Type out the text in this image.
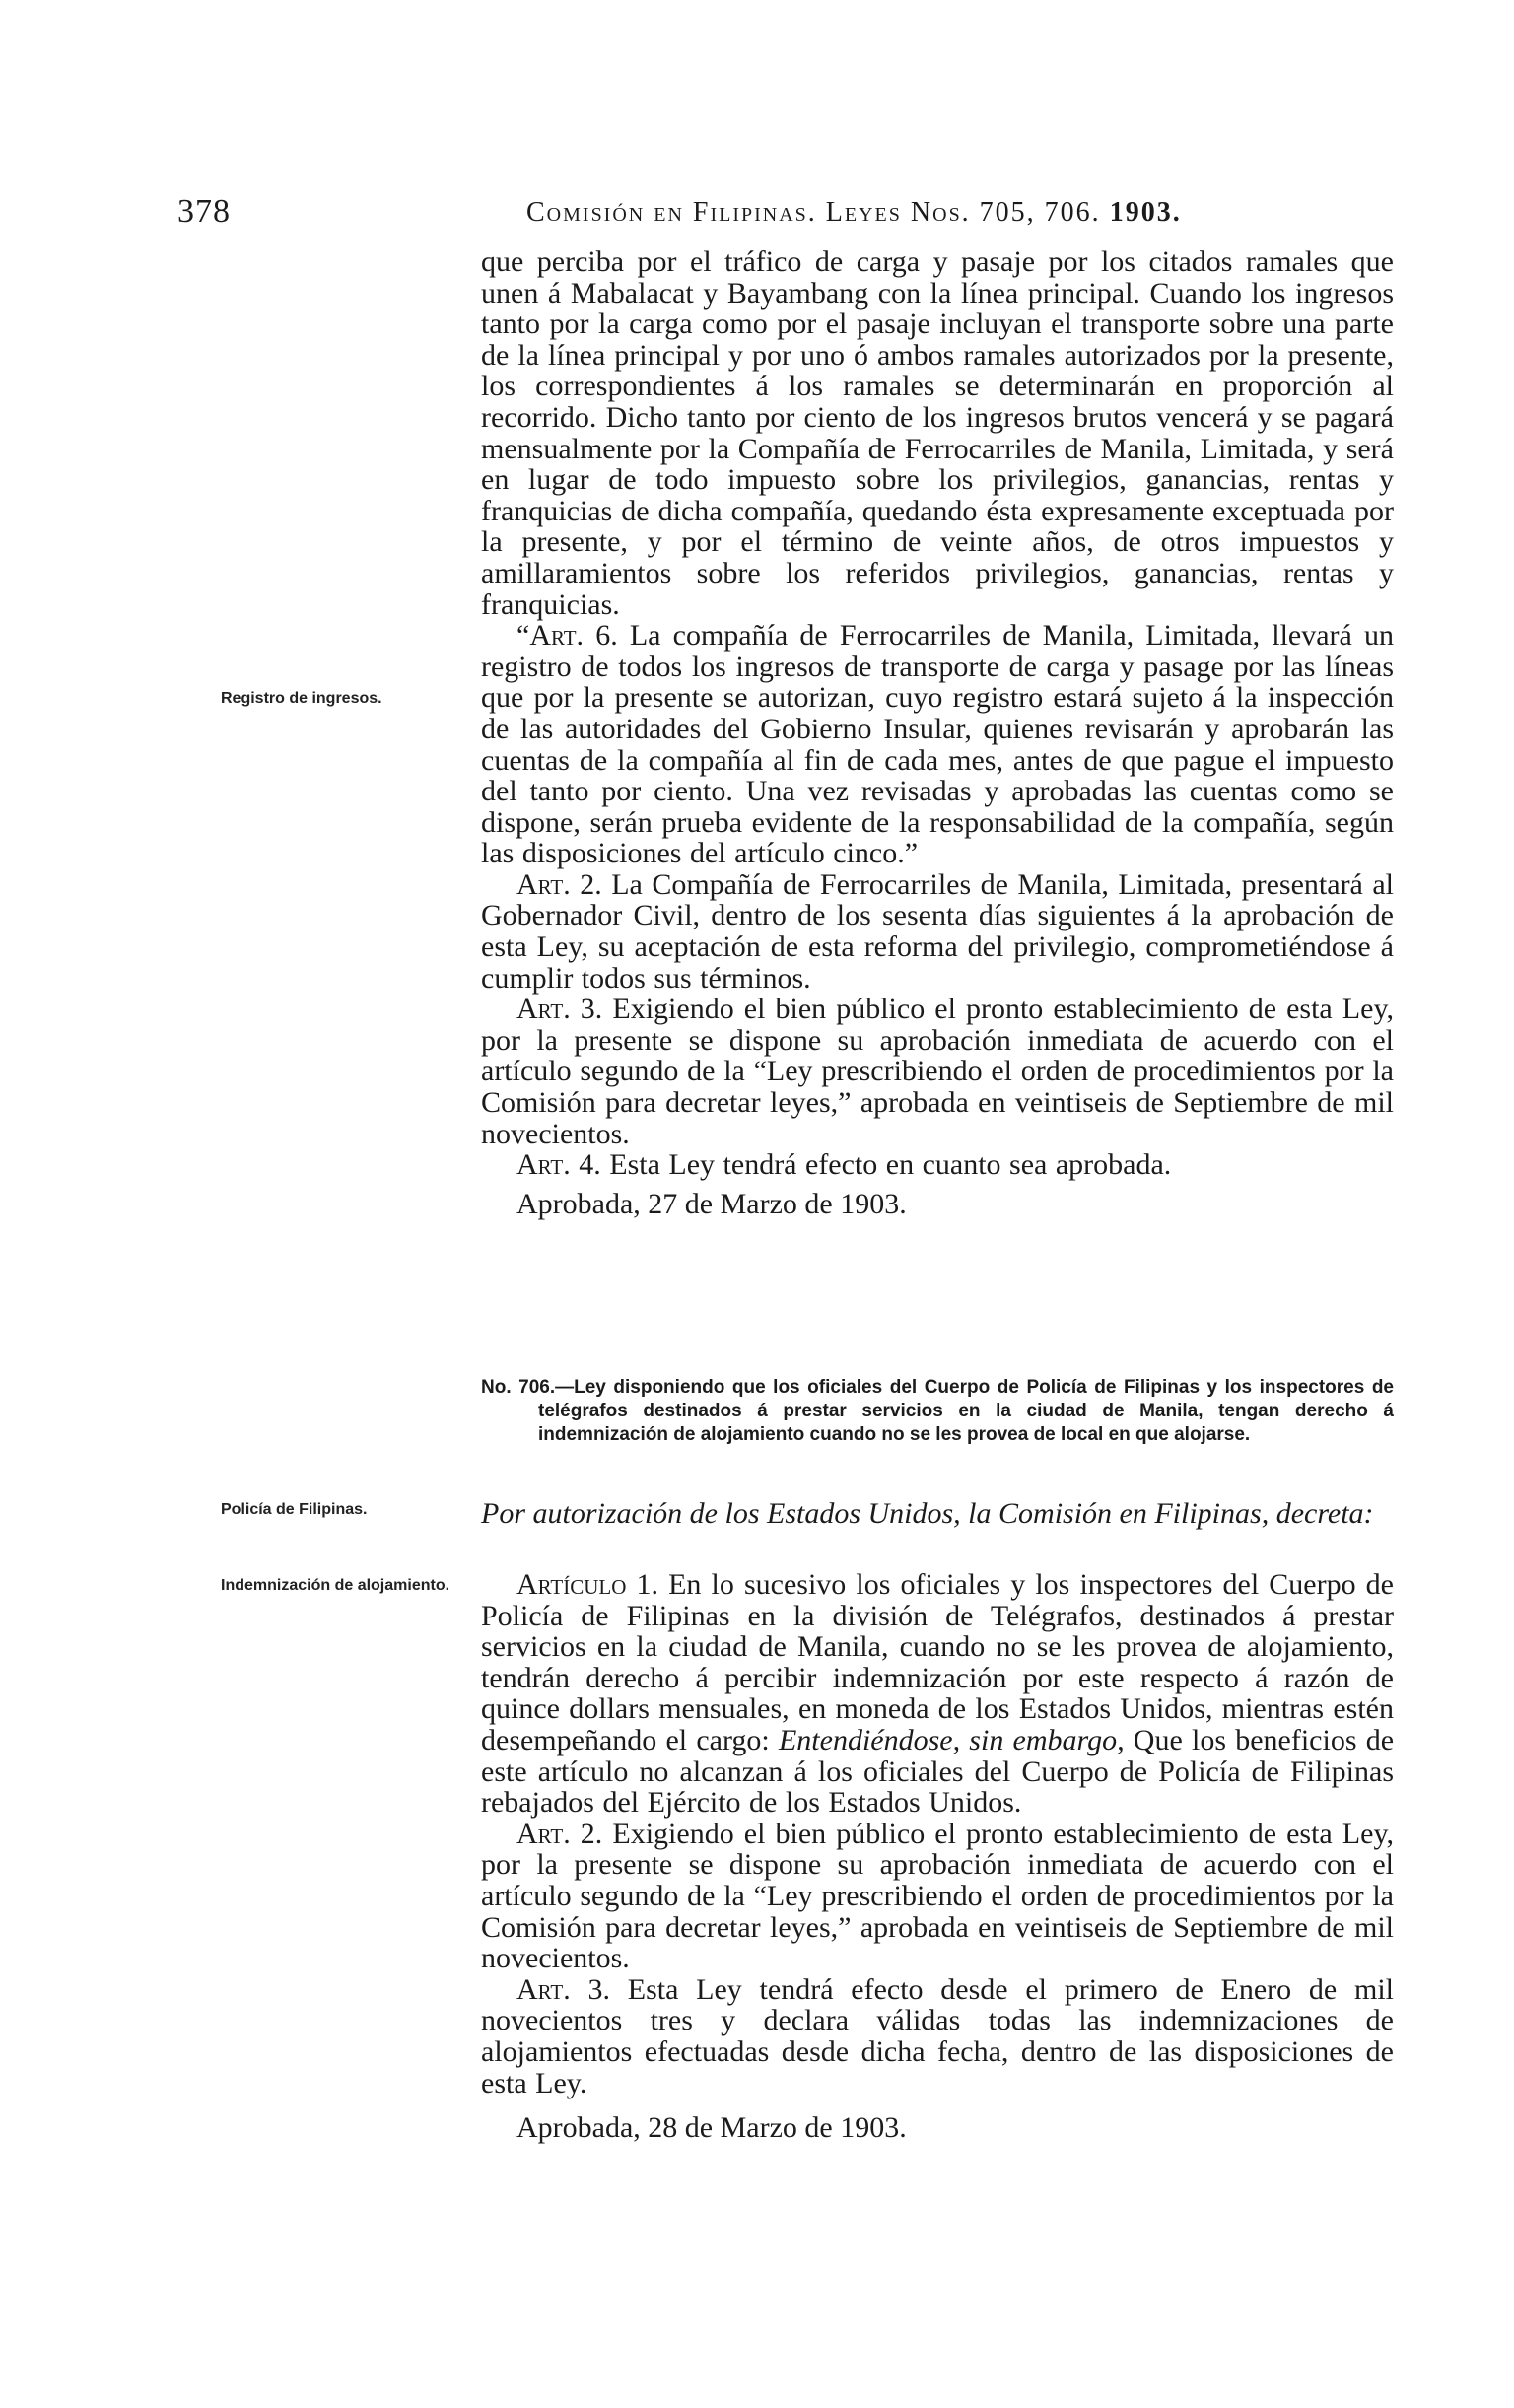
378	Comisión en Filipinas. Leyes Nos. 705, 706. 1903.

que perciba por el tráfico de carga y pasaje por los citados ramales que unen á Mabalacat y Bayambang con la línea principal. Cuando los ingresos tanto por la carga como por el pasaje incluyan el transporte sobre una parte de la línea principal y por uno ó ambos ramales autorizados por la presente, los correspondientes á los ramales se determinarán en proporción al recorrido. Dicho tanto por ciento de los ingresos brutos vencerá y se pagará mensualmente por la Compañía de Ferrocarriles de Manila, Limitada, y será en lugar de todo impuesto sobre los privilegios, ganancias, rentas y franquicias de dicha compañía, quedando ésta expresamente exceptuada por la presente, y por el término de veinte años, de otros impuestos y amillaramientos sobre los referidos privilegios, ganancias, rentas y franquicias.

“Art. 6. La compañía de Ferrocarriles de Manila, Limitada, llevará un registro de todos los ingresos de transporte de carga y pasage por las líneas que por la presente se autorizan, cuyo registro estará sujeto á la inspección de las autoridades del Gobierno Insular, quienes revisarán y aprobarán las cuentas de la compañía al fin de cada mes, antes de que pague el impuesto del tanto por ciento. Una vez revisadas y aprobadas las cuentas como se dispone, serán prueba evidente de la responsabilidad de la compañía, según las disposiciones del artículo cinco.”

Art. 2. La Compañía de Ferrocarriles de Manila, Limitada, presentará al Gobernador Civil, dentro de los sesenta días siguientes á la aprobación de esta Ley, su aceptación de esta reforma del privilegio, comprometiéndose á cumplir todos sus términos.

Art. 3. Exigiendo el bien público el pronto establecimiento de esta Ley, por la presente se dispone su aprobación inmediata de acuerdo con el artículo segundo de la “Ley prescribiendo el orden de procedimientos por la Comisión para decretar leyes,” aprobada en veintiseis de Septiembre de mil novecientos.

Art. 4. Esta Ley tendrá efecto en cuanto sea aprobada.

Aprobada, 27 de Marzo de 1903.

Registro de ingresos.
Policía de Filipinas.
Indemnización de alojamiento.
No. 706.—Ley disponiendo que los oficiales del Cuerpo de Policía de Filipinas y los inspectores de telégrafos destinados á prestar servicios en la ciudad de Manila, tengan derecho á indemnización de alojamiento cuando no se les provea de local en que alojarse.
Por autorización de los Estados Unidos, la Comisión en Filipinas, decreta:

Artículo 1. En lo sucesivo los oficiales y los inspectores del Cuerpo de Policía de Filipinas en la división de Telégrafos, destinados á prestar servicios en la ciudad de Manila, cuando no se les provea de alojamiento, tendrán derecho á percibir indemnización por este respecto á razón de quince dollars mensuales, en moneda de los Estados Unidos, mientras estén desempeñando el cargo: Entendiéndose, sin embargo, Que los beneficios de este artículo no alcanzan á los oficiales del Cuerpo de Policía de Filipinas rebajados del Ejército de los Estados Unidos.

Art. 2. Exigiendo el bien público el pronto establecimiento de esta Ley, por la presente se dispone su aprobación inmediata de acuerdo con el artículo segundo de la “Ley prescribiendo el orden de procedimientos por la Comisión para decretar leyes,” aprobada en veintiseis de Septiembre de mil novecientos.

Art. 3. Esta Ley tendrá efecto desde el primero de Enero de mil novecientos tres y declara válidas todas las indemnizaciones de alojamientos efectuadas desde dicha fecha, dentro de las disposiciones de esta Ley.

Aprobada, 28 de Marzo de 1903.
